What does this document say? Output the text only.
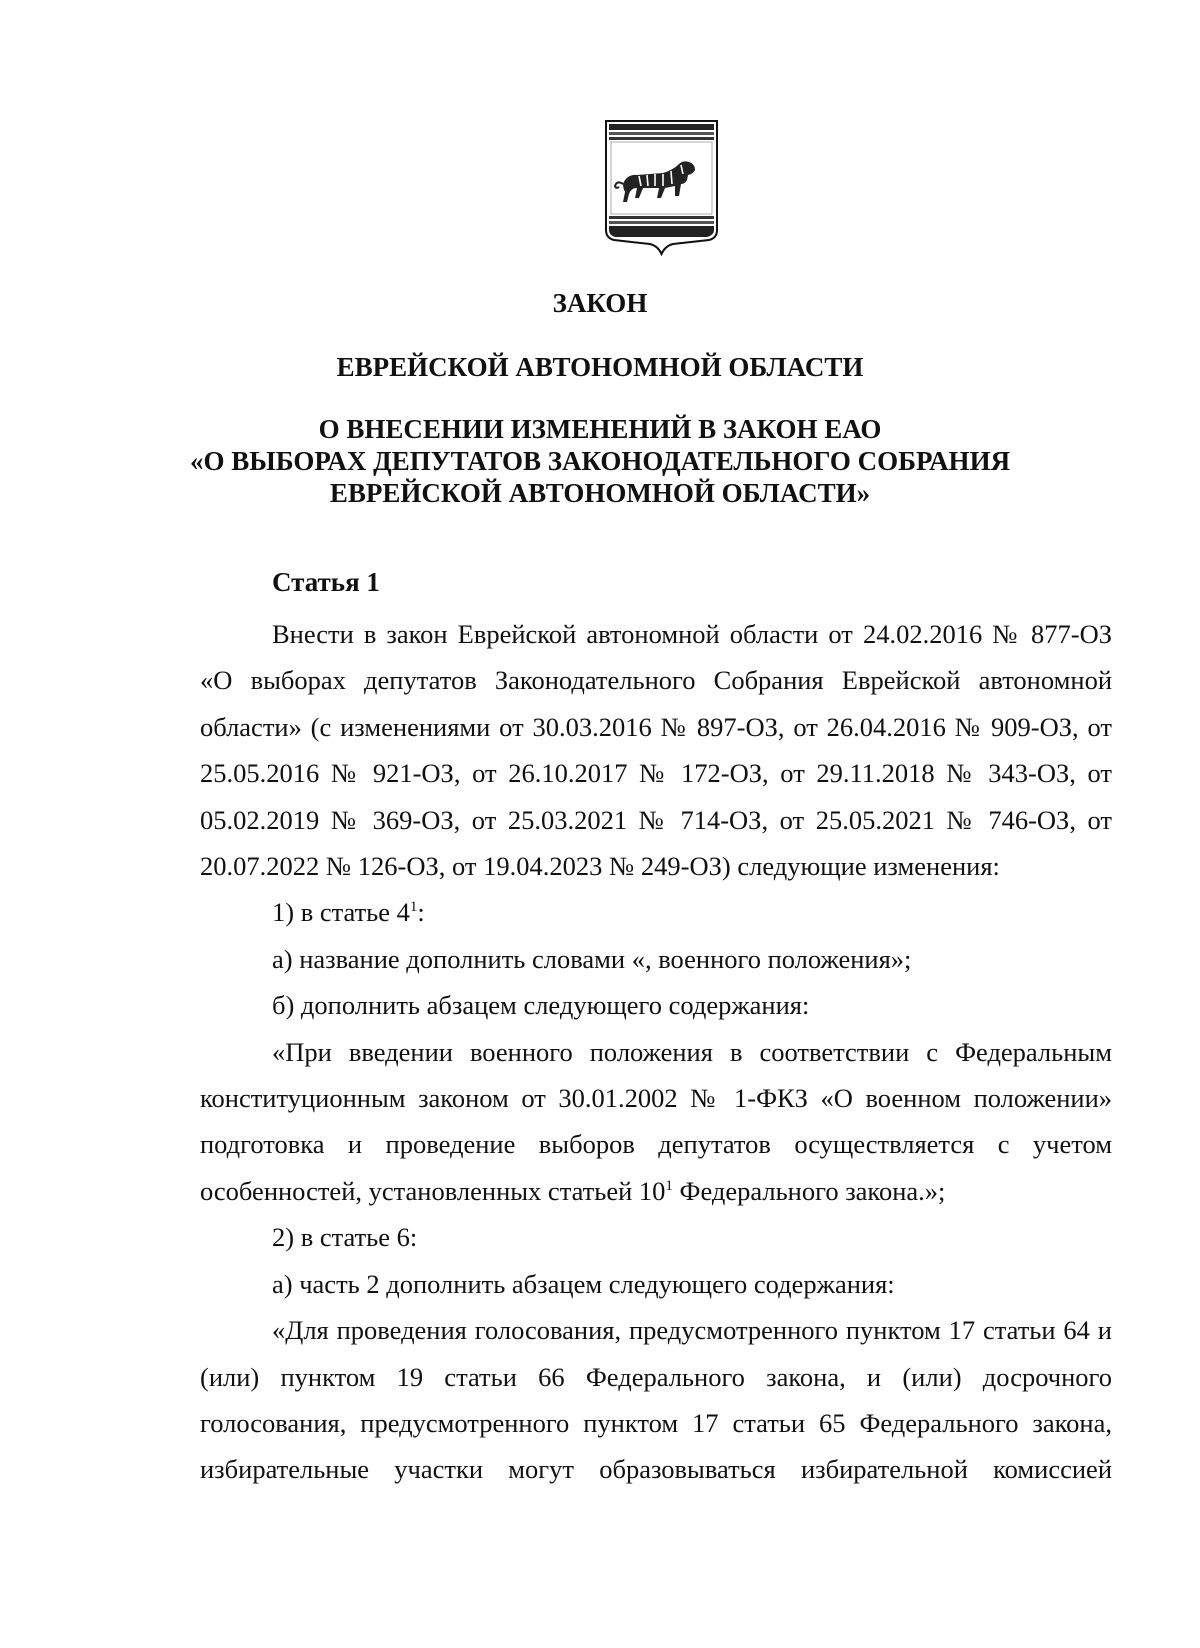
ЗАКОН
ЕВРЕЙСКОЙ АВТОНОМНОЙ ОБЛАСТИ
О ВНЕСЕНИИ ИЗМЕНЕНИЙ В ЗАКОН ЕАО
«О ВЫБОРАХ ДЕПУТАТОВ ЗАКОНОДАТЕЛЬНОГО СОБРАНИЯ
ЕВРЕЙСКОЙ АВТОНОМНОЙ ОБЛАСТИ»
Статья 1

Внести в закон Еврейской автономной области от 24.02.2016 № 877-ОЗ «О выборах депутатов Законодательного Собрания Еврейской автономной области» (с изменениями от 30.03.2016 № 897-ОЗ, от 26.04.2016 № 909-ОЗ, от 25.05.2016 № 921-ОЗ, от 26.10.2017 № 172-ОЗ, от 29.11.2018 № 343-ОЗ, от 05.02.2019 № 369-ОЗ, от 25.03.2021 № 714-ОЗ, от 25.05.2021 № 746-ОЗ, от 20.07.2022 № 126-ОЗ, от 19.04.2023 № 249-ОЗ) следующие изменения:

1) в статье $4^1$:

а) название дополнить словами «, военного положения»;

б) дополнить абзацем следующего содержания:

«При введении военного положения в соответствии с Федеральным конституционным законом от 30.01.2002 № 1-ФКЗ «О военном положении» подготовка и проведение выборов депутатов осуществляется с учетом особенностей, установленных статьей $10^1$ Федерального закона.»;

2) в статье 6:

а) часть 2 дополнить абзацем следующего содержания:

«Для проведения голосования, предусмотренного пунктом 17 статьи 64 и (или) пунктом 19 статьи 66 Федерального закона, и (или) досрочного голосования, предусмотренного пунктом 17 статьи 65 Федерального закона, избирательные участки могут образовываться избирательной комиссией
